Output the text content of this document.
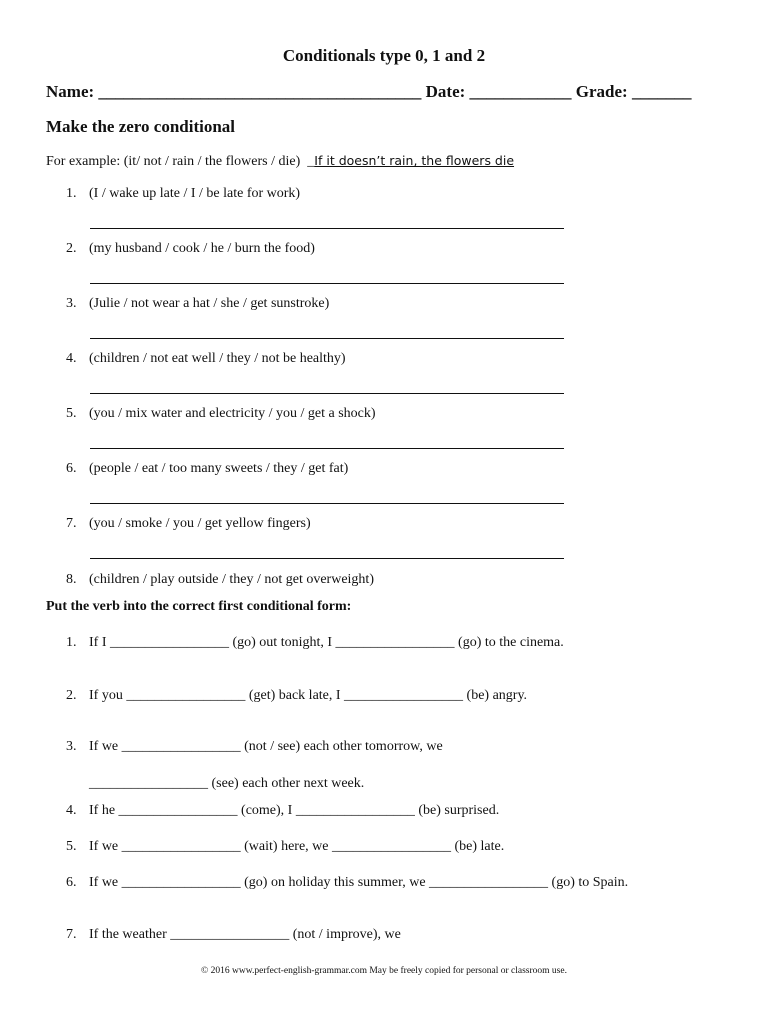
Conditionals type 0, 1 and 2
Name: ______________________________________ Date: ____________ Grade: _______
Make the zero conditional
For example: (it/ not / rain / the flowers / die)  _If it doesn’t rain, the flowers die
1. (I / wake up late / I / be late for work)
2. (my husband / cook / he / burn the food)
3. (Julie / not wear a hat / she / get sunstroke)
4. (children / not eat well / they / not be healthy)
5. (you / mix water and electricity / you / get a shock)
6. (people / eat / too many sweets / they / get fat)
7. (you / smoke / you / get yellow fingers)
8. (children / play outside / they / not get overweight)
Put the verb into the correct first conditional form:
1. If I _________________ (go) out tonight, I _________________ (go) to the cinema.
2. If you _________________ (get) back late, I _________________ (be) angry.
3. If we _________________ (not / see) each other tomorrow, we
_________________ (see) each other next week.
4. If he _________________ (come), I _________________ (be) surprised.
5. If we _________________ (wait) here, we _________________ (be) late.
6. If we _________________ (go) on holiday this summer, we _________________ (go) to Spain.
7. If the weather _________________ (not / improve), we
© 2016 www.perfect-english-grammar.com May be freely copied for personal or classroom use.
